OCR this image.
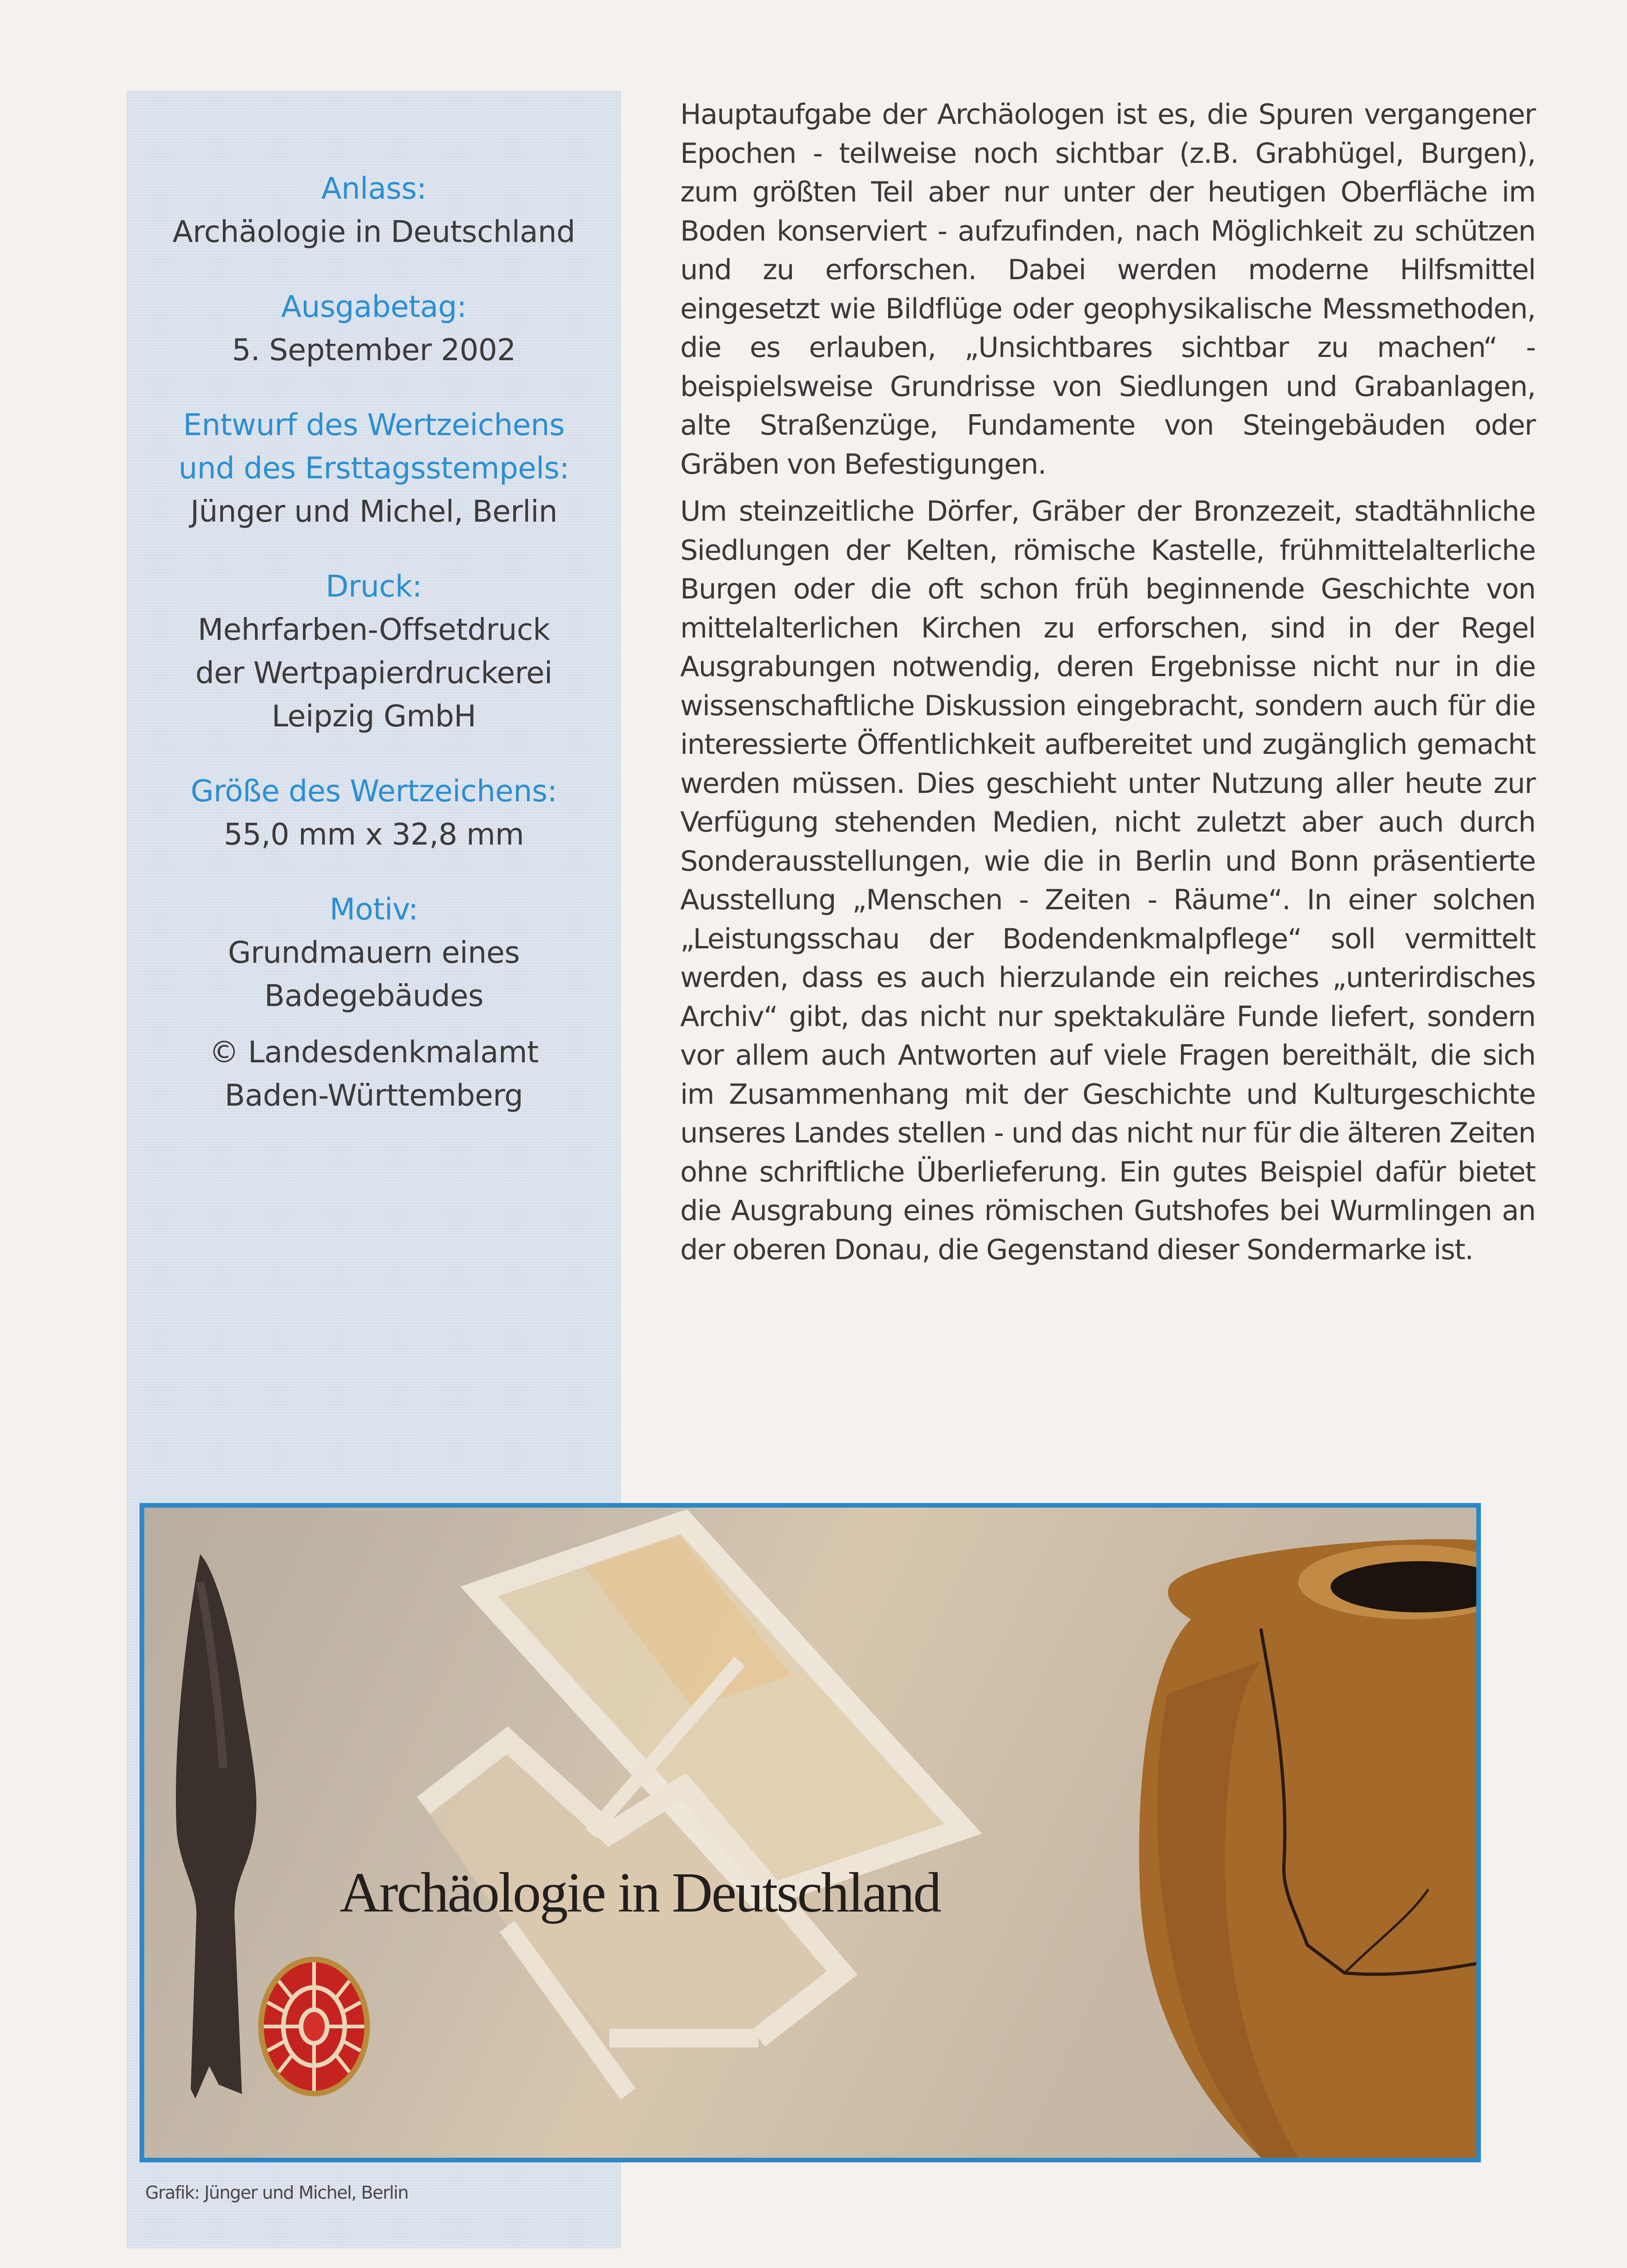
Anlass:
Archäologie in Deutschland
Ausgabetag:
5. September 2002
Entwurf des Wertzeichens
und des Ersttagsstempels:
Jünger und Michel, Berlin
Druck:
Mehrfarben-Offsetdruck
der Wertpapierdruckerei
Leipzig GmbH
Größe des Wertzeichens:
55,0 mm x 32,8 mm
Motiv:
Grundmauern eines
Badegebäudes
© Landesdenkmalamt
Baden-Württemberg

Hauptaufgabe der Archäologen ist es, die Spuren vergangener Epochen - teilweise noch sichtbar (z.B. Grabhügel, Burgen), zum größten Teil aber nur unter der heutigen Oberfläche im Boden konserviert - aufzufinden, nach Möglichkeit zu schützen und zu erforschen. Dabei werden moderne Hilfsmittel eingesetzt wie Bildflüge oder geophysikalische Messmethoden, die es erlauben, „Unsichtbares sichtbar zu machen“ - beispielsweise Grundrisse von Siedlungen und Grabanlagen, alte Straßenzüge, Fundamente von Steingebäuden oder Gräben von Befestigungen.

Um steinzeitliche Dörfer, Gräber der Bronzezeit, stadtähnliche Siedlungen der Kelten, römische Kastelle, frühmittelalterliche Burgen oder die oft schon früh beginnende Geschichte von mittelalterlichen Kirchen zu erforschen, sind in der Regel Ausgrabungen notwendig, deren Ergebnisse nicht nur in die wissenschaftliche Diskussion eingebracht, sondern auch für die interessierte Öffentlichkeit aufbereitet und zugänglich gemacht werden müssen. Dies geschieht unter Nutzung aller heute zur Verfügung stehenden Medien, nicht zuletzt aber auch durch Sonderausstellungen, wie die in Berlin und Bonn präsentierte Ausstellung „Menschen - Zeiten - Räume“. In einer solchen „Leistungsschau der Bodendenkmalpflege“ soll vermittelt werden, dass es auch hierzulande ein reiches „unterirdisches Archiv“ gibt, das nicht nur spektakuläre Funde liefert, sondern vor allem auch Antworten auf viele Fragen bereithält, die sich im Zusammenhang mit der Geschichte und Kulturgeschichte unseres Landes stellen - und das nicht nur für die älteren Zeiten ohne schriftliche Überlieferung. Ein gutes Beispiel dafür bietet die Ausgrabung eines römischen Gutshofes bei Wurmlingen an der oberen Donau, die Gegenstand dieser Sondermarke ist.

Archäologie in Deutschland
Grafik: Jünger und Michel, Berlin
